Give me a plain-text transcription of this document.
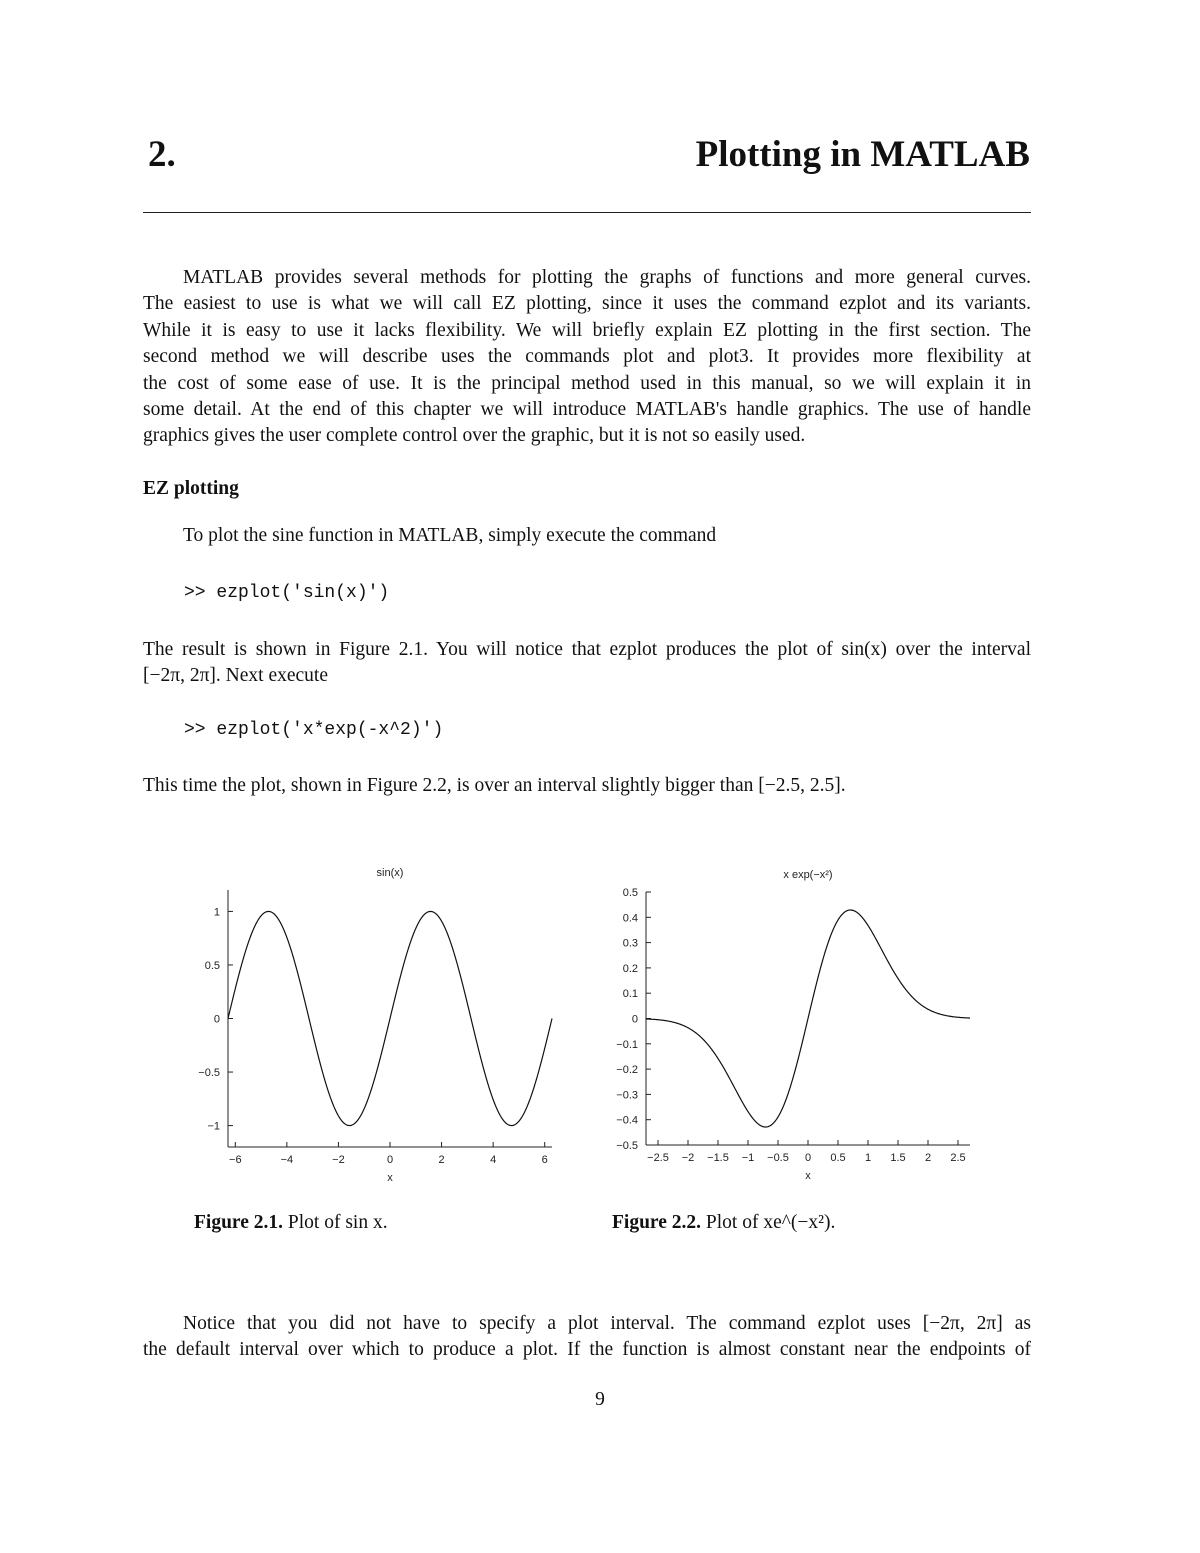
2.	Plotting in MATLAB
MATLAB provides several methods for plotting the graphs of functions and more general curves.
The easiest to use is what we will call EZ plotting, since it uses the command ezplot and its variants.
While it is easy to use it lacks flexibility. We will briefly explain EZ plotting in the first section. The
second method we will describe uses the commands plot and plot3. It provides more flexibility at
the cost of some ease of use. It is the principal method used in this manual, so we will explain it in
some detail. At the end of this chapter we will introduce MATLAB's handle graphics. The use of handle
graphics gives the user complete control over the graphic, but it is not so easily used.
EZ plotting
To plot the sine function in MATLAB, simply execute the command
>> ezplot('sin(x)')
The result is shown in Figure 2.1. You will notice that ezplot produces the plot of sin(x) over the interval
[−2π, 2π]. Next execute
>> ezplot('x*exp(-x^2)')
This time the plot, shown in Figure 2.2, is over an interval slightly bigger than [−2.5, 2.5].
−6	−4	−2	0	2	4	6
−1
−0.5
0
0.5
1
sin(x)
x
−2.5 −2 −1.5 −1 −0.5 0 0.5 1 1.5 2 2.5
−0.5
−0.4
−0.3
−0.2
−0.1
0
0.1
0.2
0.3
0.4
0.5
x exp(−x²)
x
Figure 2.1. Plot of sin x.	Figure 2.2. Plot of xe^(−x²).
Notice that you did not have to specify a plot interval. The command ezplot uses [−2π, 2π] as
the default interval over which to produce a plot. If the function is almost constant near the endpoints of
9
